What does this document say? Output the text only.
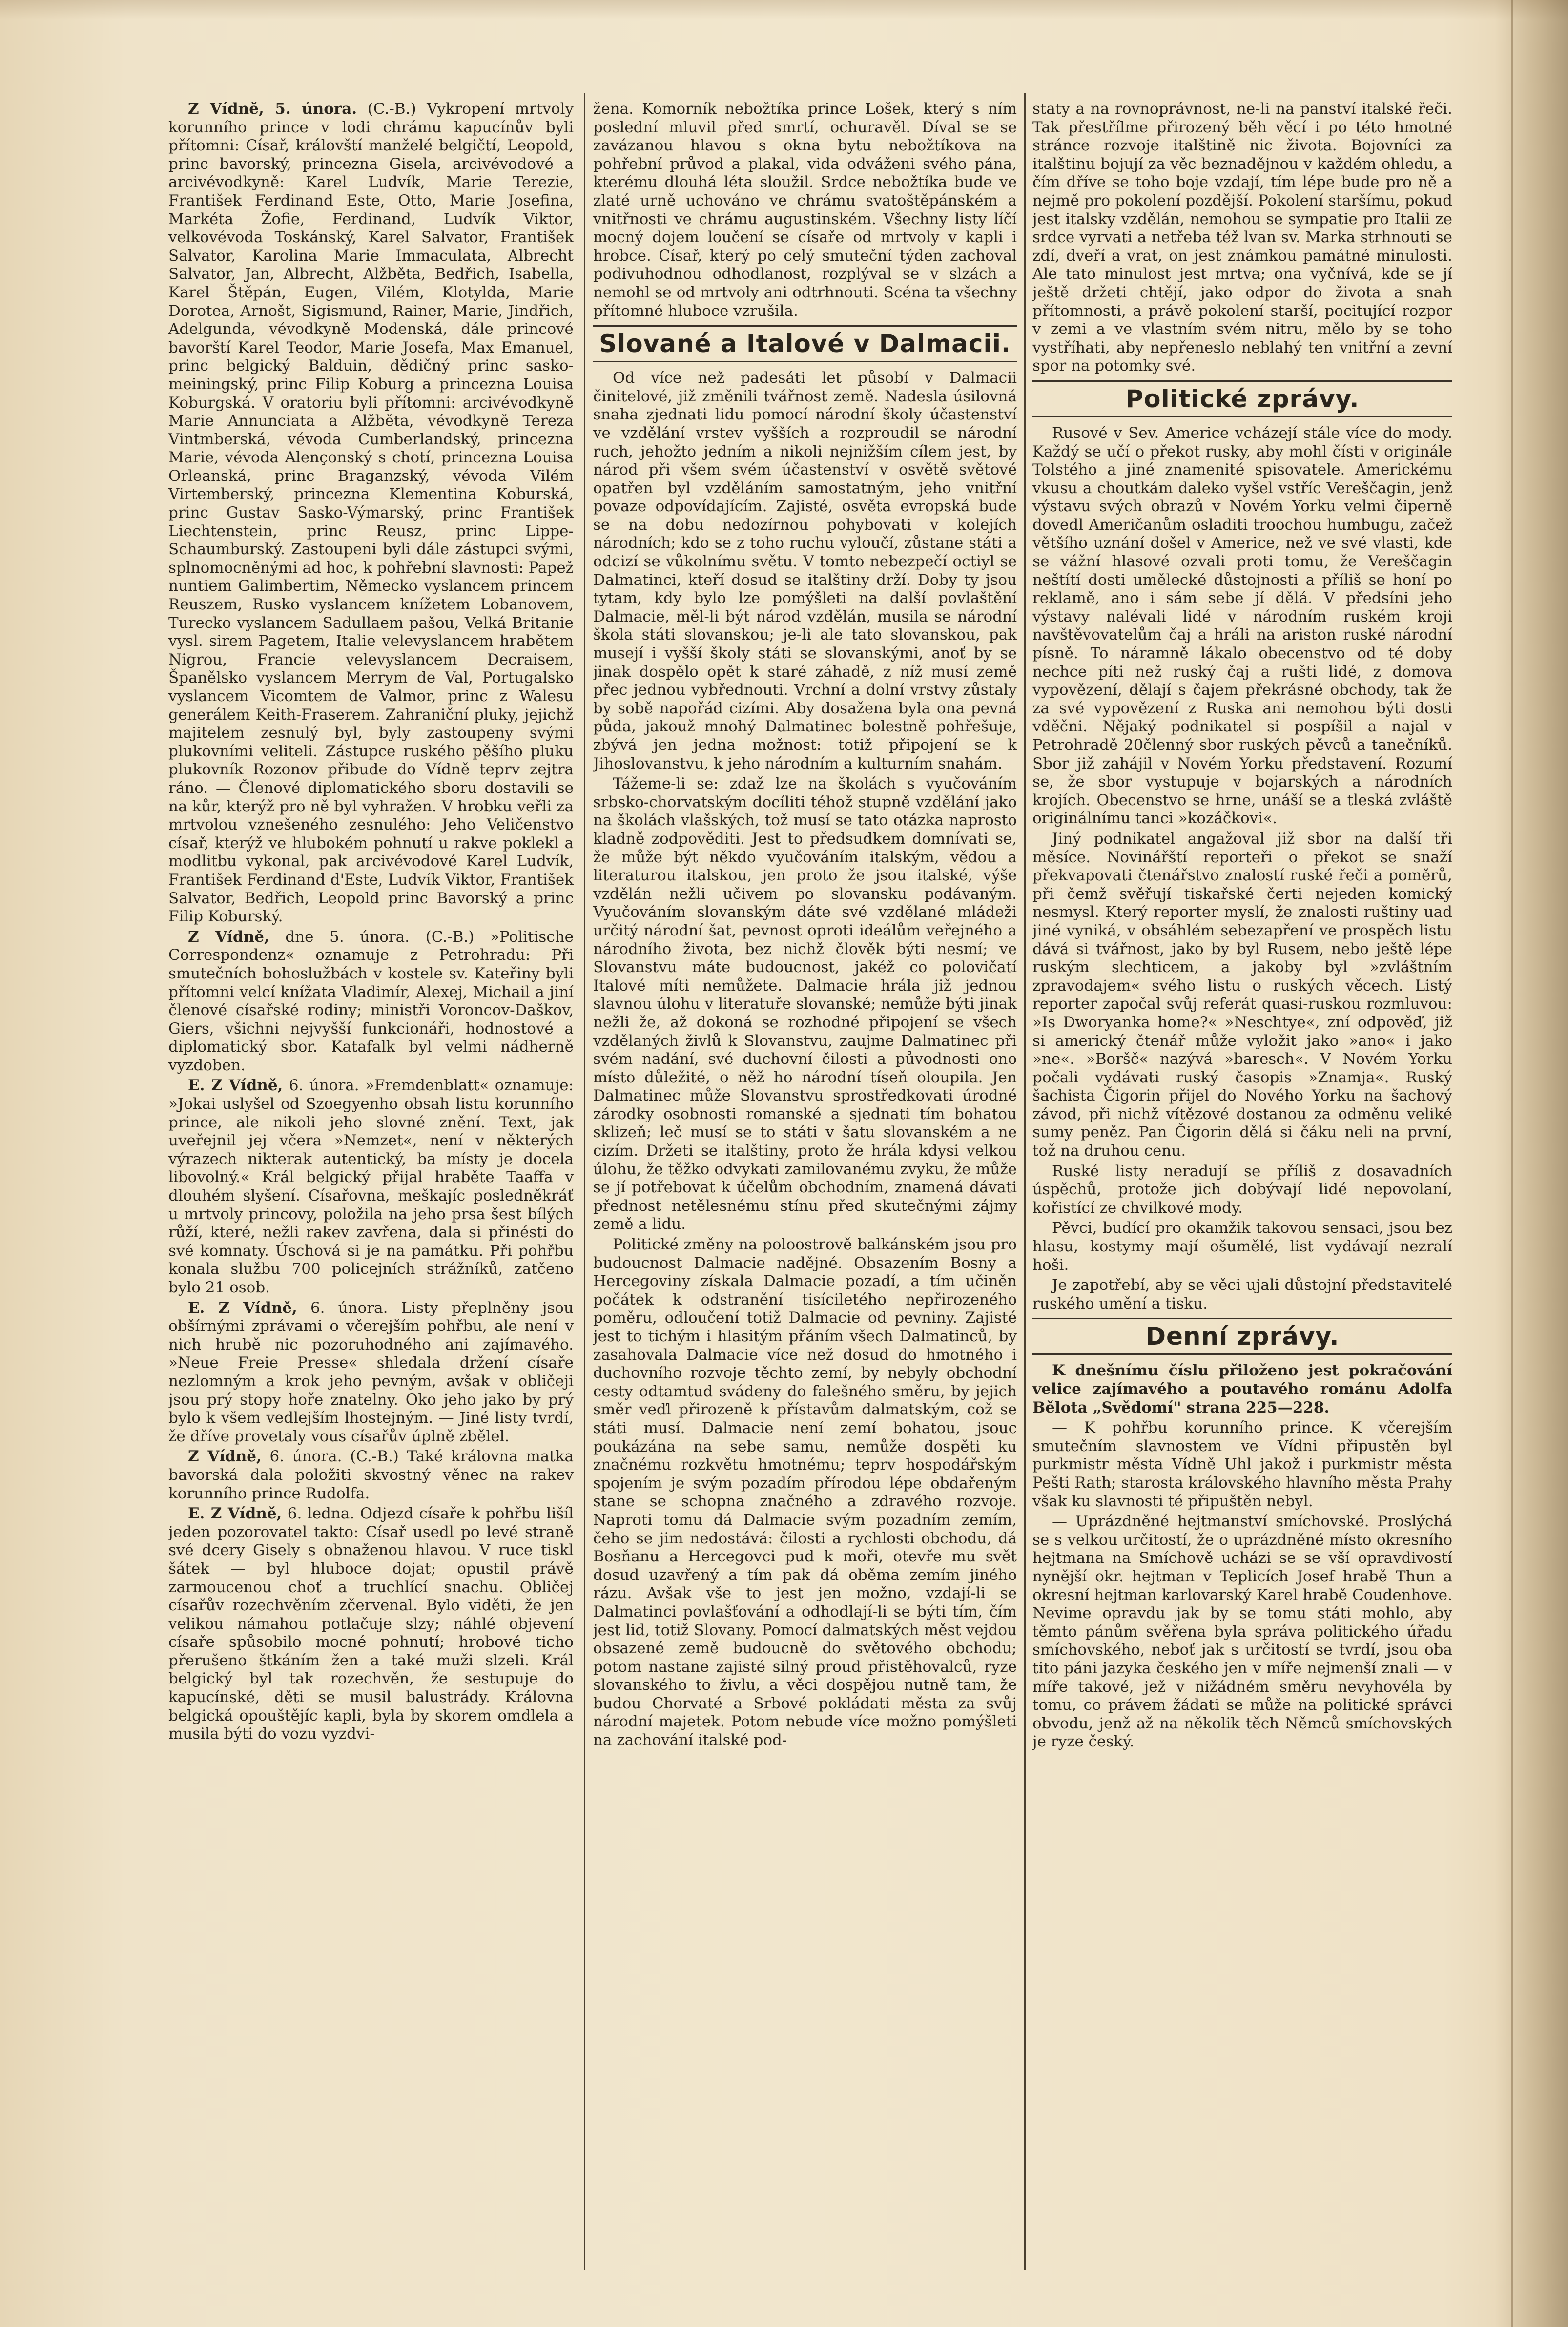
Z Vídně, 5. února. (C.-B.) Vykropení mrtvoly korunního prince v lodi chrámu kapucínův byli přítomni: Císař, královští manželé belgičtí, Leopold, princ bavorský, princezna Gisela, arcivévodové a arcivévodkyně: Karel Ludvík, Marie Terezie, František Ferdinand Este, Otto, Marie Josefina, Markéta Žofie, Ferdinand, Ludvík Viktor, velkovévoda Toskánský, Karel Salvator, František Salvator, Karolina Marie Immaculata, Albrecht Salvator, Jan, Albrecht, Alžběta, Bedřich, Isabella, Karel Štěpán, Eugen, Vilém, Klotylda, Marie Dorotea, Arnošt, Sigismund, Rainer, Marie, Jindřich, Adelgunda, vévodkyně Modenská, dále princové bavorští Karel Teodor, Marie Josefa, Max Emanuel, princ belgický Balduin, dědičný princ sasko-meiningský, princ Filip Koburg a princezna Louisa Koburgská. V oratoriu byli přítomni: arcivévodkyně Marie Annunciata a Alžběta, vévodkyně Tereza Vintmberská, vévoda Cumberlandský, princezna Marie, vévoda Alençonský s chotí, princezna Louisa Orleanská, princ Braganzský, vévoda Vilém Virtemberský, princezna Klementina Koburská, princ Gustav Sasko-Výmarský, princ František Liechtenstein, princ Reusz, princ Lippe-Schaumburský. Zastoupeni byli dále zástupci svými, splnomocněnými ad hoc, k pohřební slavnosti: Papež nuntiem Galimbertim, Německo vyslancem princem Reuszem, Rusko vyslancem knížetem Lobanovem, Turecko vyslancem Sadullaem pašou, Velká Britanie vysl. sirem Pagetem, Italie velevyslancem hrabětem Nigrou, Francie velevyslancem Decraisem, Španělsko vyslancem Merrym de Val, Portugalsko vyslancem Vicomtem de Valmor, princ z Walesu generálem Keith-Fraserem. Zahraniční pluky, jejichž majitelem zesnulý byl, byly zastoupeny svými plukovními veliteli. Zástupce ruského pěšího pluku plukovník Rozonov přibude do Vídně teprv zejtra ráno. — Členové diplomatického sboru dostavili se na kůr, kterýž pro ně byl vyhražen. V hrobku veřli za mrtvolou vznešeného zesnulého: Jeho Veličenstvo císař, kterýž ve hlubokém pohnutí u rakve poklekl a modlitbu vykonal, pak arcivévodové Karel Ludvík, František Ferdinand d'Este, Ludvík Viktor, František Salvator, Bedřich, Leopold princ Bavorský a princ Filip Koburský.

Z Vídně, dne 5. února. (C.-B.) »Politische Correspondenz« oznamuje z Petrohradu: Při smutečních bohoslužbách v kostele sv. Kateřiny byli přítomni velcí knížata Vladimír, Alexej, Michail a jiní členové císařské rodiny; ministři Voroncov-Daškov, Giers, všichni nejvyšší funkcionáři, hodnostové a diplomatický sbor. Katafalk byl velmi nádherně vyzdoben.

E. Z Vídně, 6. února. »Fremdenblatt« oznamuje: »Jokai uslyšel od Szoegyenho obsah listu korunního prince, ale nikoli jeho slovné znění. Text, jak uveřejnil jej včera »Nemzet«, není v některých výrazech nikterak autentický, ba místy je docela libovolný.« Král belgický přijal hraběte Taaffa v dlouhém slyšení. Císařovna, meškajíc posledněkráť u mrtvoly princovy, položila na jeho prsa šest bílých růží, které, nežli rakev zavřena, dala si přinésti do své komnaty. Úschová si je na památku. Při pohřbu konala službu 700 policejních strážníků, zatčeno bylo 21 osob.

E. Z Vídně, 6. února. Listy přeplněny jsou obšírnými zprávami o včerejším pohřbu, ale není v nich hrubě nic pozoruhodného ani zajímavého. »Neue Freie Presse« shledala držení císaře nezlomným a krok jeho pevným, avšak v obličeji jsou prý stopy hoře znatelny. Oko jeho jako by prý bylo k všem vedlejším lhostejným. — Jiné listy tvrdí, že dříve provetaly vous císařův úplně zbělel.

Z Vídně, 6. února. (C.-B.) Také královna matka bavorská dala položiti skvostný věnec na rakev korunního prince Rudolfa.

E. Z Vídně, 6. ledna. Odjezd císaře k pohřbu lišíl jeden pozorovatel takto: Císař usedl po levé straně své dcery Gisely s obnaženou hlavou. V ruce tiskl šátek — byl hluboce dojat; opustil právě zarmoucenou choť a truchlící snachu. Obličej císařův rozechvěním zčervenal. Bylo viděti, že jen velikou námahou potlačuje slzy; náhlé objevení císaře spůsobilo mocné pohnutí; hrobové ticho přerušeno štkáním žen a také muži slzeli. Král belgický byl tak rozechvěn, že sestupuje do kapucínské, děti se musil balustrády. Královna belgická opouštějíc kapli, byla by skorem omdlela a musila býti do vozu vyzdvi-

žena. Komorník nebožtíka prince Lošek, který s ním poslední mluvil před smrtí, ochuravěl. Díval se se zavázanou hlavou s okna bytu nebožtíkova na pohřební průvod a plakal, vida odváženi svého pána, kterému dlouhá léta sloužil. Srdce nebožtíka bude ve zlaté urně uchováno ve chrámu svatoštěpánském a vnitřnosti ve chrámu augustinském. Všechny listy líčí mocný dojem loučení se císaře od mrtvoly v kapli i hrobce. Císař, který po celý smuteční týden zachoval podivuhodnou odhodlanost, rozplýval se v slzách a nemohl se od mrtvoly ani odtrhnouti. Scéna ta všechny přítomné hluboce vzrušila.

Slované a Italové v Dalmacii.

Od více než padesáti let působí v Dalmacii činitelové, již změnili tvářnost země. Nadesla úsilovná snaha zjednati lidu pomocí národní školy účastenství ve vzdělání vrstev vyšších a rozproudil se národní ruch, jehožto jedním a nikoli nejnižším cílem jest, by národ při všem svém účastenství v osvětě světové opatřen byl vzděláním samostatným, jeho vnitřní povaze odpovídajícím. Zajisté, osvěta evropská bude se na dobu nedozírnou pohybovati v kolejích národních; kdo se z toho ruchu vyloučí, zůstane státi a odcizí se vůkolnímu světu. V tomto nebezpečí octiyl se Dalmatinci, kteří dosud se italštiny drží. Doby ty jsou tytam, kdy bylo lze pomýšleti na další povlaštění Dalmacie, měl-li být národ vzdělán, musila se národní škola státi slovanskou; je-li ale tato slovanskou, pak musejí i vyšší školy státi se slovanskými, anoť by se jinak dospělo opět k staré záhadě, z níž musí země přec jednou vybřednouti. Vrchní a dolní vrstvy zůstaly by sobě napořád cizími. Aby dosažena byla ona pevná půda, jakouž mnohý Dalmatinec bolestně pohřešuje, zbývá jen jedna možnost: totiž připojení se k Jihoslovanstvu, k jeho národním a kulturním snahám.

Tážeme-li se: zdaž lze na školách s vyučováním srbsko-chorvatským docíliti téhož stupně vzdělání jako na školách vlašských, tož musí se tato otázka naprosto kladně zodpověditi. Jest to předsudkem domnívati se, že může být někdo vyučováním italským, vědou a literaturou italskou, jen proto že jsou italské, výše vzdělán nežli učivem po slovansku podávaným. Vyučováním slovanským dáte své vzdělané mládeži určitý národní šat, pevnost oproti ideálům veřejného a národního života, bez nichž člověk býti nesmí; ve Slovanstvu máte budoucnost, jakéž co polovičatí Italové míti nemůžete. Dalmacie hrála již jednou slavnou úlohu v literatuře slovanské; nemůže býti jinak nežli že, až dokoná se rozhodné připojení se všech vzdělaných živlů k Slovanstvu, zaujme Dalmatinec při svém nadání, své duchovní čilosti a původnosti ono místo důležité, o něž ho národní tíseň oloupila. Jen Dalmatinec může Slovanstvu sprostředkovati úrodné zárodky osobnosti romanské a sjednati tím bohatou sklizeň; leč musí se to státi v šatu slovanském a ne cizím. Držeti se italštiny, proto že hrála kdysi velkou úlohu, že těžko odvykati zamilovanému zvyku, že může se jí potřebovat k účelům obchodním, znamená dávati přednost netělesnému stínu před skutečnými zájmy země a lidu.

Politické změny na poloostrově balkánském jsou pro budoucnost Dalmacie nadějné. Obsazením Bosny a Hercegoviny získala Dalmacie pozadí, a tím učiněn počátek k odstranění tisíciletého nepřirozeného poměru, odloučení totiž Dalmacie od pevniny. Zajisté jest to tichým i hlasitým přáním všech Dalmatinců, by zasahovala Dalmacie více než dosud do hmotného i duchovního rozvoje těchto zemí, by nebyly obchodní cesty odtamtud svádeny do falešného směru, by jejich směr veďl přirozeně k přístavům dalmatským, což se státi musí. Dalmacie není zemí bohatou, jsouc poukázána na sebe samu, nemůže dospěti ku značnému rozkvětu hmotnému; teprv hospodářským spojením je svým pozadím přírodou lépe obdařeným stane se schopna značného a zdravého rozvoje. Naproti tomu dá Dalmacie svým pozadním zemím, čeho se jim nedostává: čilosti a rychlosti obchodu, dá Bosňanu a Hercegovci pud k moři, otevře mu svět dosud uzavřený a tím pak dá oběma zemím jiného rázu. Avšak vše to jest jen možno, vzdají-li se Dalmatinci povlašťování a odhodlají-li se býti tím, čím jest lid, totiž Slovany. Pomocí dalmatských měst vejdou obsazené země budoucně do světového obchodu; potom nastane zajisté silný proud přistěhovalců, ryze slovanského to živlu, a věci dospějou nutně tam, že budou Chorvaté a Srbové pokládati města za svůj národní majetek. Potom nebude více možno pomýšleti na zachování italské pod-

staty a na rovnoprávnost, ne-li na panství italské řeči. Tak přestřílme přirozený běh věcí i po této hmotné stránce rozvoje italštině nic života. Bojovníci za italštinu bojují za věc beznadějnou v každém ohledu, a čím dříve se toho boje vzdají, tím lépe bude pro ně a nejmě pro pokolení pozdější. Pokolení staršímu, pokud jest italsky vzdělán, nemohou se sympatie pro Italii ze srdce vyrvati a netřeba též lvan sv. Marka strhnouti se zdí, dveří a vrat, on jest známkou památné minulosti. Ale tato minulost jest mrtva; ona vyčnívá, kde se jí ještě držeti chtějí, jako odpor do života a snah přítomnosti, a právě pokolení starší, pocitující rozpor v zemi a ve vlastním svém nitru, mělo by se toho vystříhati, aby nepřeneslо neblahý ten vnitřní a zevní spor na potomky své.

Politické zprávy.

Rusové v Sev. Americe vcházejí stále více do mody. Každý se učí o překot rusky, aby mohl čísti v originále Tolstého a jiné znamenité spisovatele. Americkému vkusu a choutkám daleko vyšel vstříc Vereščagin, jenž výstavu svých obrazů v Novém Yorku velmi čiperně dovedl Američanům osladiti troochou humbugu, začež většího uznání došel v Americe, než ve své vlasti, kde se vážní hlasové ozvali proti tomu, že Vereščagin neštítí dosti umělecké důstojnosti a příliš se honí po reklamě, ano i sám sebe jí dělá. V předsíni jeho výstavy nalévali lidé v národním ruském kroji navštěvovatelům čaj a hráli na ariston ruské národní písně. To náramně lákalo obecenstvo od té doby nechce píti než ruský čaj a rušti lidé, z domova vypovězení, dělají s čajem překrásné obchody, tak že za své vypovězení z Ruska ani nemohou býti dosti vděčni. Nějaký podnikatel si pospíšil a najal v Petrohradě 20členný sbor ruských pěvců a tanečníků. Sbor již zahájil v Novém Yorku představení. Rozumí se, že sbor vystupuje v bojarských a národních krojích. Obecenstvo se hrne, unáší se a tleská zvláště originálnímu tanci »kozáčkovi«.

Jiný podnikatel angažoval již sbor na další tři měsíce. Novinářští reporteři o překot se snaží překvapovati čtenářstvo znalostí ruské řeči a poměrů, při čemž svěřují tiskařské čerti nejeden komický nesmysl. Který reporter myslí, že znalosti ruštiny uad jiné vyniká, v obsáhlém sebezapření ve prospěch listu dává si tvářnost, jako by byl Rusem, nebo ještě lépe ruským slechticem, a jakoby byl »zvláštním zpravodajem« svého listu o ruských věcech. Listý reporter započal svůj referát quasi-ruskou rozmluvou: »Is Dworyanka home?« »Neschtye«, zní odpověď, již si americký čtenář může vyložit jako »ano« i jako »ne«. »Boršč« nazývá »baresch«. V Novém Yorku počali vydávati ruský časopis »Znamja«. Ruský šachista Čigorin přijel do Nového Yorku na šachový závod, při nichž vítězové dostanou za odměnu veliké sumy peněz. Pan Čigorin dělá si čáku neli na první, tož na druhou cenu.

Ruské listy neradují se příliš z dosavadních úspěchů, protože jich dobývají lidé nepovolaní, kořistící ze chvilkové mody.

Pěvci, budící pro okamžik takovou sensaci, jsou bez hlasu, kostymy mají ošumělé, list vydávají nezralí hoši.

Je zapotřebí, aby se věci ujali důstojní představitelé ruského umění a tisku.

Denní zprávy.

K dnešnímu číslu přiloženo jest pokračování velice zajímavého a poutavého románu Adolfa Bělota „Svědomí" strana 225—228.

— K pohřbu korunního prince. K včerejším smutečním slavnostem ve Vídni připustěn byl purkmistr města Vídně Uhl jakož i purkmistr města Pešti Rath; starosta královského hlavního města Prahy však ku slavnosti té připuštěn nebyl.

— Uprázdněné hejtmanství smíchovské. Proslýchá se s velkou určitostí, že o uprázdněné místo okresního hejtmana na Smíchově ucházi se se vší opravdivostí nynější okr. hejtman v Teplicích Josef hrabě Thun a okresní hejtman karlovarský Karel hrabě Coudenhove. Nevime opravdu jak by se tomu státi mohlo, aby těmto pánům svěřena byla správa politického úřadu smíchovského, neboť jak s určitostí se tvrdí, jsou oba tito páni jazyka českého jen v míře nejmenší znali — v míře takové, jež v nižádném směru nevyhovéla by tomu, co právem žádati se může na politické správci obvodu, jenž až na několik těch Němců smíchovských je ryze český.
